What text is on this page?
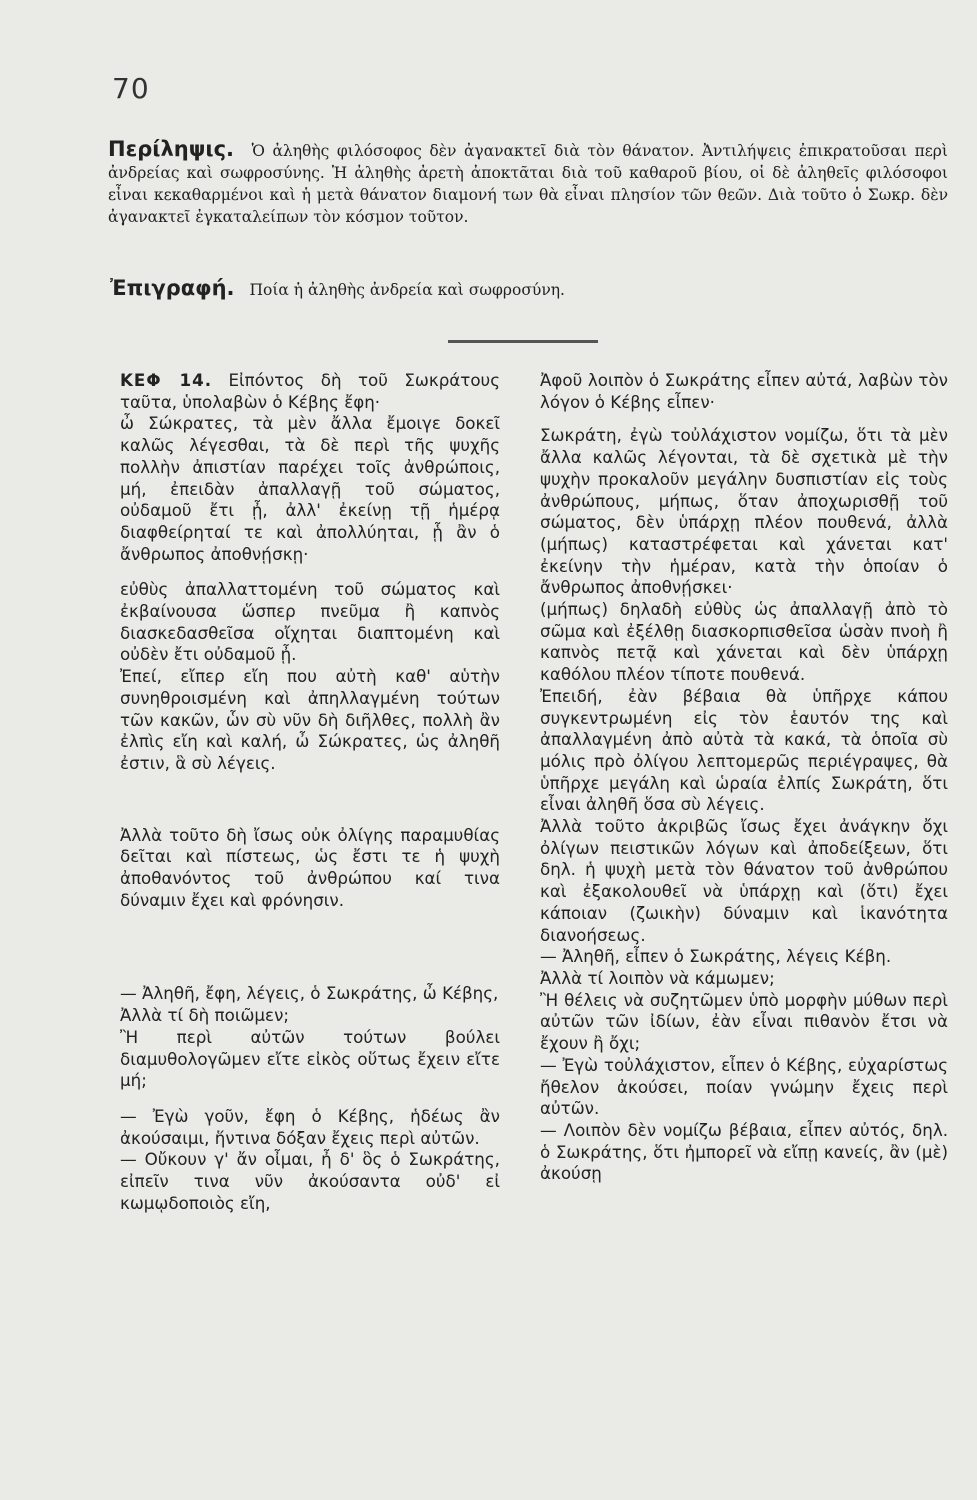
70
Περίληψις. Ὁ ἀληθὴς φιλόσοφος δὲν ἀγανακτεῖ διὰ τὸν θάνατον. Ἀντιλήψεις ἐπικρατοῦσαι περὶ ἀνδρείας καὶ σωφροσύνης. Ἡ ἀληθὴς ἀρετὴ ἀποκτᾶται διὰ τοῦ καθαροῦ βίου, οἱ δὲ ἀληθεῖς φιλόσοφοι εἶναι κεκαθαρμένοι καὶ ἡ μετὰ θάνατον διαμονή των θὰ εἶναι πλησίον τῶν θεῶν. Διὰ τοῦτο ὁ Σωκρ. δὲν ἀγανακτεῖ ἐγκαταλείπων τὸν κόσμον τοῦτον.
Ἐπιγραφή. Ποία ἡ ἀληθὴς ἀνδρεία καὶ σωφροσύνη.

ΚΕΦ 14. Εἰπόντος δὴ τοῦ Σωκράτους ταῦτα, ὑπολαβὼν ὁ Κέβης ἔφη·

ὦ Σώκρατες, τὰ μὲν ἄλλα ἔμοιγε δοκεῖ καλῶς λέγεσθαι, τὰ δὲ περὶ τῆς ψυχῆς πολλὴν ἀπιστίαν παρέχει τοῖς ἀνθρώποις, μή, ἐπειδὰν ἀπαλλαγῇ τοῦ σώματος, οὐδαμοῦ ἔτι ᾖ, ἀλλ' ἐκείνῃ τῇ ἡμέρᾳ διαφθείρηταί τε καὶ ἀπολλύηται, ᾗ ἂν ὁ ἄνθρωπος ἀποθνῄσκῃ·

εὐθὺς ἀπαλλαττομένη τοῦ σώματος καὶ ἐκβαίνουσα ὥσπερ πνεῦμα ἢ καπνὸς διασκεδασθεῖσα οἴχηται διαπτομένη καὶ οὐδὲν ἔτι οὐδαμοῦ ᾖ.

Ἐπεί, εἴπερ εἴη που αὐτὴ καθ' αὑτὴν συνηθροισμένη καὶ ἀπηλλαγμένη τούτων τῶν κακῶν, ὧν σὺ νῦν δὴ διῆλθες, πολλὴ ἂν ἐλπὶς εἴη καὶ καλή, ὦ Σώκρατες, ὡς ἀληθῆ ἐστιν, ἃ σὺ λέγεις.

Ἀλλὰ τοῦτο δὴ ἴσως οὐκ ὀλίγης παραμυθίας δεῖται καὶ πίστεως, ὡς ἔστι τε ἡ ψυχὴ ἀποθανόντος τοῦ ἀνθρώπου καί τινα δύναμιν ἔχει καὶ φρόνησιν.

— Ἀληθῆ, ἔφη, λέγεις, ὁ Σωκράτης, ὦ Κέβης,

Ἀλλὰ τί δὴ ποιῶμεν;

Ἢ περὶ αὐτῶν τούτων βούλει διαμυθολογῶμεν εἴτε εἰκὸς οὕτως ἔχειν εἴτε μή;

— Ἐγὼ γοῦν, ἔφη ὁ Κέβης, ἡδέως ἂν ἀκούσαιμι, ἥντινα δόξαν ἔχεις περὶ αὐτῶν.

— Οὔκουν γ' ἄν οἶμαι, ἦ δ' ὃς ὁ Σωκράτης, εἰπεῖν τινα νῦν ἀκούσαντα οὐδ' εἰ κωμῳδοποιὸς εἴη,

Ἀφοῦ λοιπὸν ὁ Σωκράτης εἶπεν αὐτά, λαβὼν τὸν λόγον ὁ Κέβης εἶπεν·

Σωκράτη, ἐγὼ τοὐλάχιστον νομίζω, ὅτι τὰ μὲν ἄλλα καλῶς λέγονται, τὰ δὲ σχετικὰ μὲ τὴν ψυχὴν προκαλοῦν μεγάλην δυσπιστίαν εἰς τοὺς ἀνθρώπους, μήπως, ὅταν ἀποχωρισθῇ τοῦ σώματος, δὲν ὑπάρχῃ πλέον πουθενά, ἀλλὰ (μήπως) καταστρέφεται καὶ χάνεται κατ' ἐκείνην τὴν ἡμέραν, κατὰ τὴν ὁποίαν ὁ ἄνθρωπος ἀποθνῄσκει·

(μήπως) δηλαδὴ εὐθὺς ὡς ἀπαλλαγῇ ἀπὸ τὸ σῶμα καὶ ἐξέλθῃ διασκορπισθεῖσα ὡσὰν πνοὴ ἢ καπνὸς πετᾷ καὶ χάνεται καὶ δὲν ὑπάρχῃ καθόλου πλέον τίποτε πουθενά.

Ἐπειδή, ἐὰν βέβαια θὰ ὑπῆρχε κάπου συγκεντρωμένη εἰς τὸν ἑαυτόν της καὶ ἀπαλλαγμένη ἀπὸ αὐτὰ τὰ κακά, τὰ ὁποῖα σὺ μόλις πρὸ ὀλίγου λεπτομερῶς περιέγραψες, θὰ ὑπῆρχε μεγάλη καὶ ὡραία ἐλπίς Σωκράτη, ὅτι εἶναι ἀληθῆ ὅσα σὺ λέγεις.

Ἀλλὰ τοῦτο ἀκριβῶς ἴσως ἔχει ἀνάγκην ὄχι ὀλίγων πειστικῶν λόγων καὶ ἀποδείξεων, ὅτι δηλ. ἡ ψυχὴ μετὰ τὸν θάνατον τοῦ ἀνθρώπου καὶ ἐξακολουθεῖ νὰ ὑπάρχῃ καὶ (ὅτι) ἔχει κάποιαν (ζωικὴν) δύναμιν καὶ ἱκανότητα διανοήσεως.

— Ἀληθῆ, εἶπεν ὁ Σωκράτης, λέγεις Κέβη.

Ἀλλὰ τί λοιπὸν νὰ κάμωμεν;

Ἢ θέλεις νὰ συζητῶμεν ὑπὸ μορφὴν μύθων περὶ αὐτῶν τῶν ἰδίων, ἐὰν εἶναι πιθανὸν ἔτσι νὰ ἔχουν ἢ ὄχι;

— Ἐγὼ τοὐλάχιστον, εἶπεν ὁ Κέβης, εὐχαρίστως ἤθελον ἀκούσει, ποίαν γνώμην ἔχεις περὶ αὐτῶν.

— Λοιπὸν δὲν νομίζω βέβαια, εἶπεν αὐτός, δηλ. ὁ Σωκράτης, ὅτι ἠμπορεῖ νὰ εἴπῃ κανείς, ἂν (μὲ) ἀκούσῃ
